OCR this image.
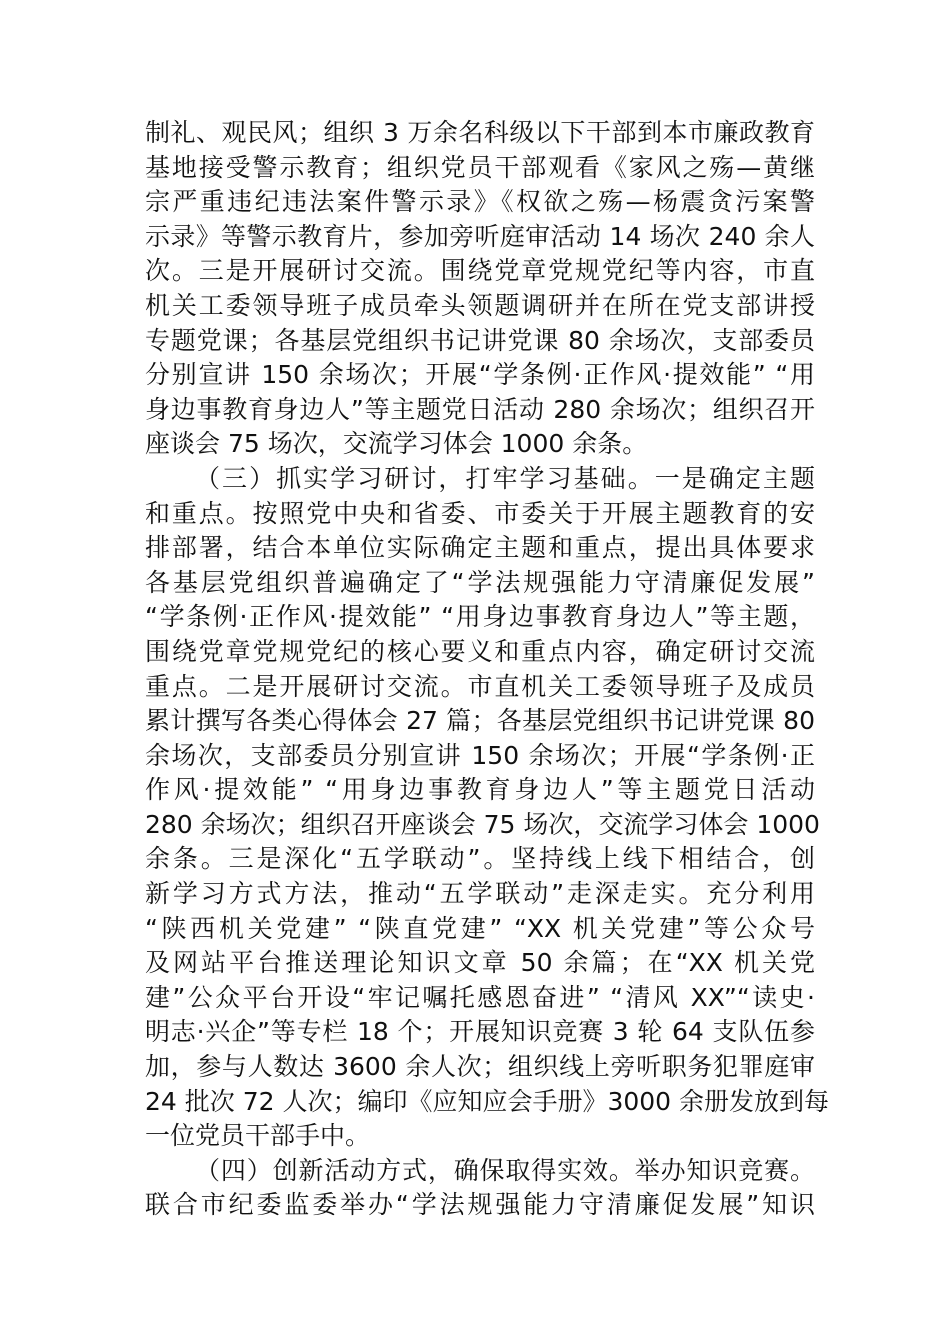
制礼、观民风；组织 3 万余名科级以下干部到本市廉政教育
基地接受警示教育；组织党员干部观看《家风之殇—黄继
宗严重违纪违法案件警示录》《权欲之殇—杨震贪污案警
示录》等警示教育片，参加旁听庭审活动 14 场次 240 余人
次。三是开展研讨交流。围绕党章党规党纪等内容，市直
机关工委领导班子成员牵头领题调研并在所在党支部讲授
专题党课；各基层党组织书记讲党课 80 余场次，支部委员
分别宣讲 150 余场次；开展“学条例·正作风·提效能” “用
身边事教育身边人”等主题党日活动 280 余场次；组织召开
座谈会 75 场次，交流学习体会 1000 余条。
（三）抓实学习研讨，打牢学习基础。一是确定主题
和重点。按照党中央和省委、市委关于开展主题教育的安
排部署，结合本单位实际确定主题和重点，提出具体要求
各基层党组织普遍确定了“学法规强能力守清廉促发展”
“学条例·正作风·提效能” “用身边事教育身边人”等主题，
围绕党章党规党纪的核心要义和重点内容，确定研讨交流
重点。二是开展研讨交流。市直机关工委领导班子及成员
累计撰写各类心得体会 27 篇；各基层党组织书记讲党课 80
余场次，支部委员分别宣讲 150 余场次；开展“学条例·正
作风·提效能” “用身边事教育身边人”等主题党日活动
280 余场次；组织召开座谈会 75 场次，交流学习体会 1000
余条。三是深化“五学联动”。坚持线上线下相结合，创
新学习方式方法，推动“五学联动”走深走实。充分利用
“陕西机关党建” “陕直党建” “XX 机关党建”等公众号
及网站平台推送理论知识文章 50 余篇；在“XX 机关党
建”公众平台开设“牢记嘱托感恩奋进” “清风 XX”“读史·
明志·兴企”等专栏 18 个；开展知识竞赛 3 轮 64 支队伍参
加，参与人数达 3600 余人次；组织线上旁听职务犯罪庭审
24 批次 72 人次；编印《应知应会手册》3000 余册发放到每
一位党员干部手中。
（四）创新活动方式，确保取得实效。举办知识竞赛。
联合市纪委监委举办“学法规强能力守清廉促发展”知识
